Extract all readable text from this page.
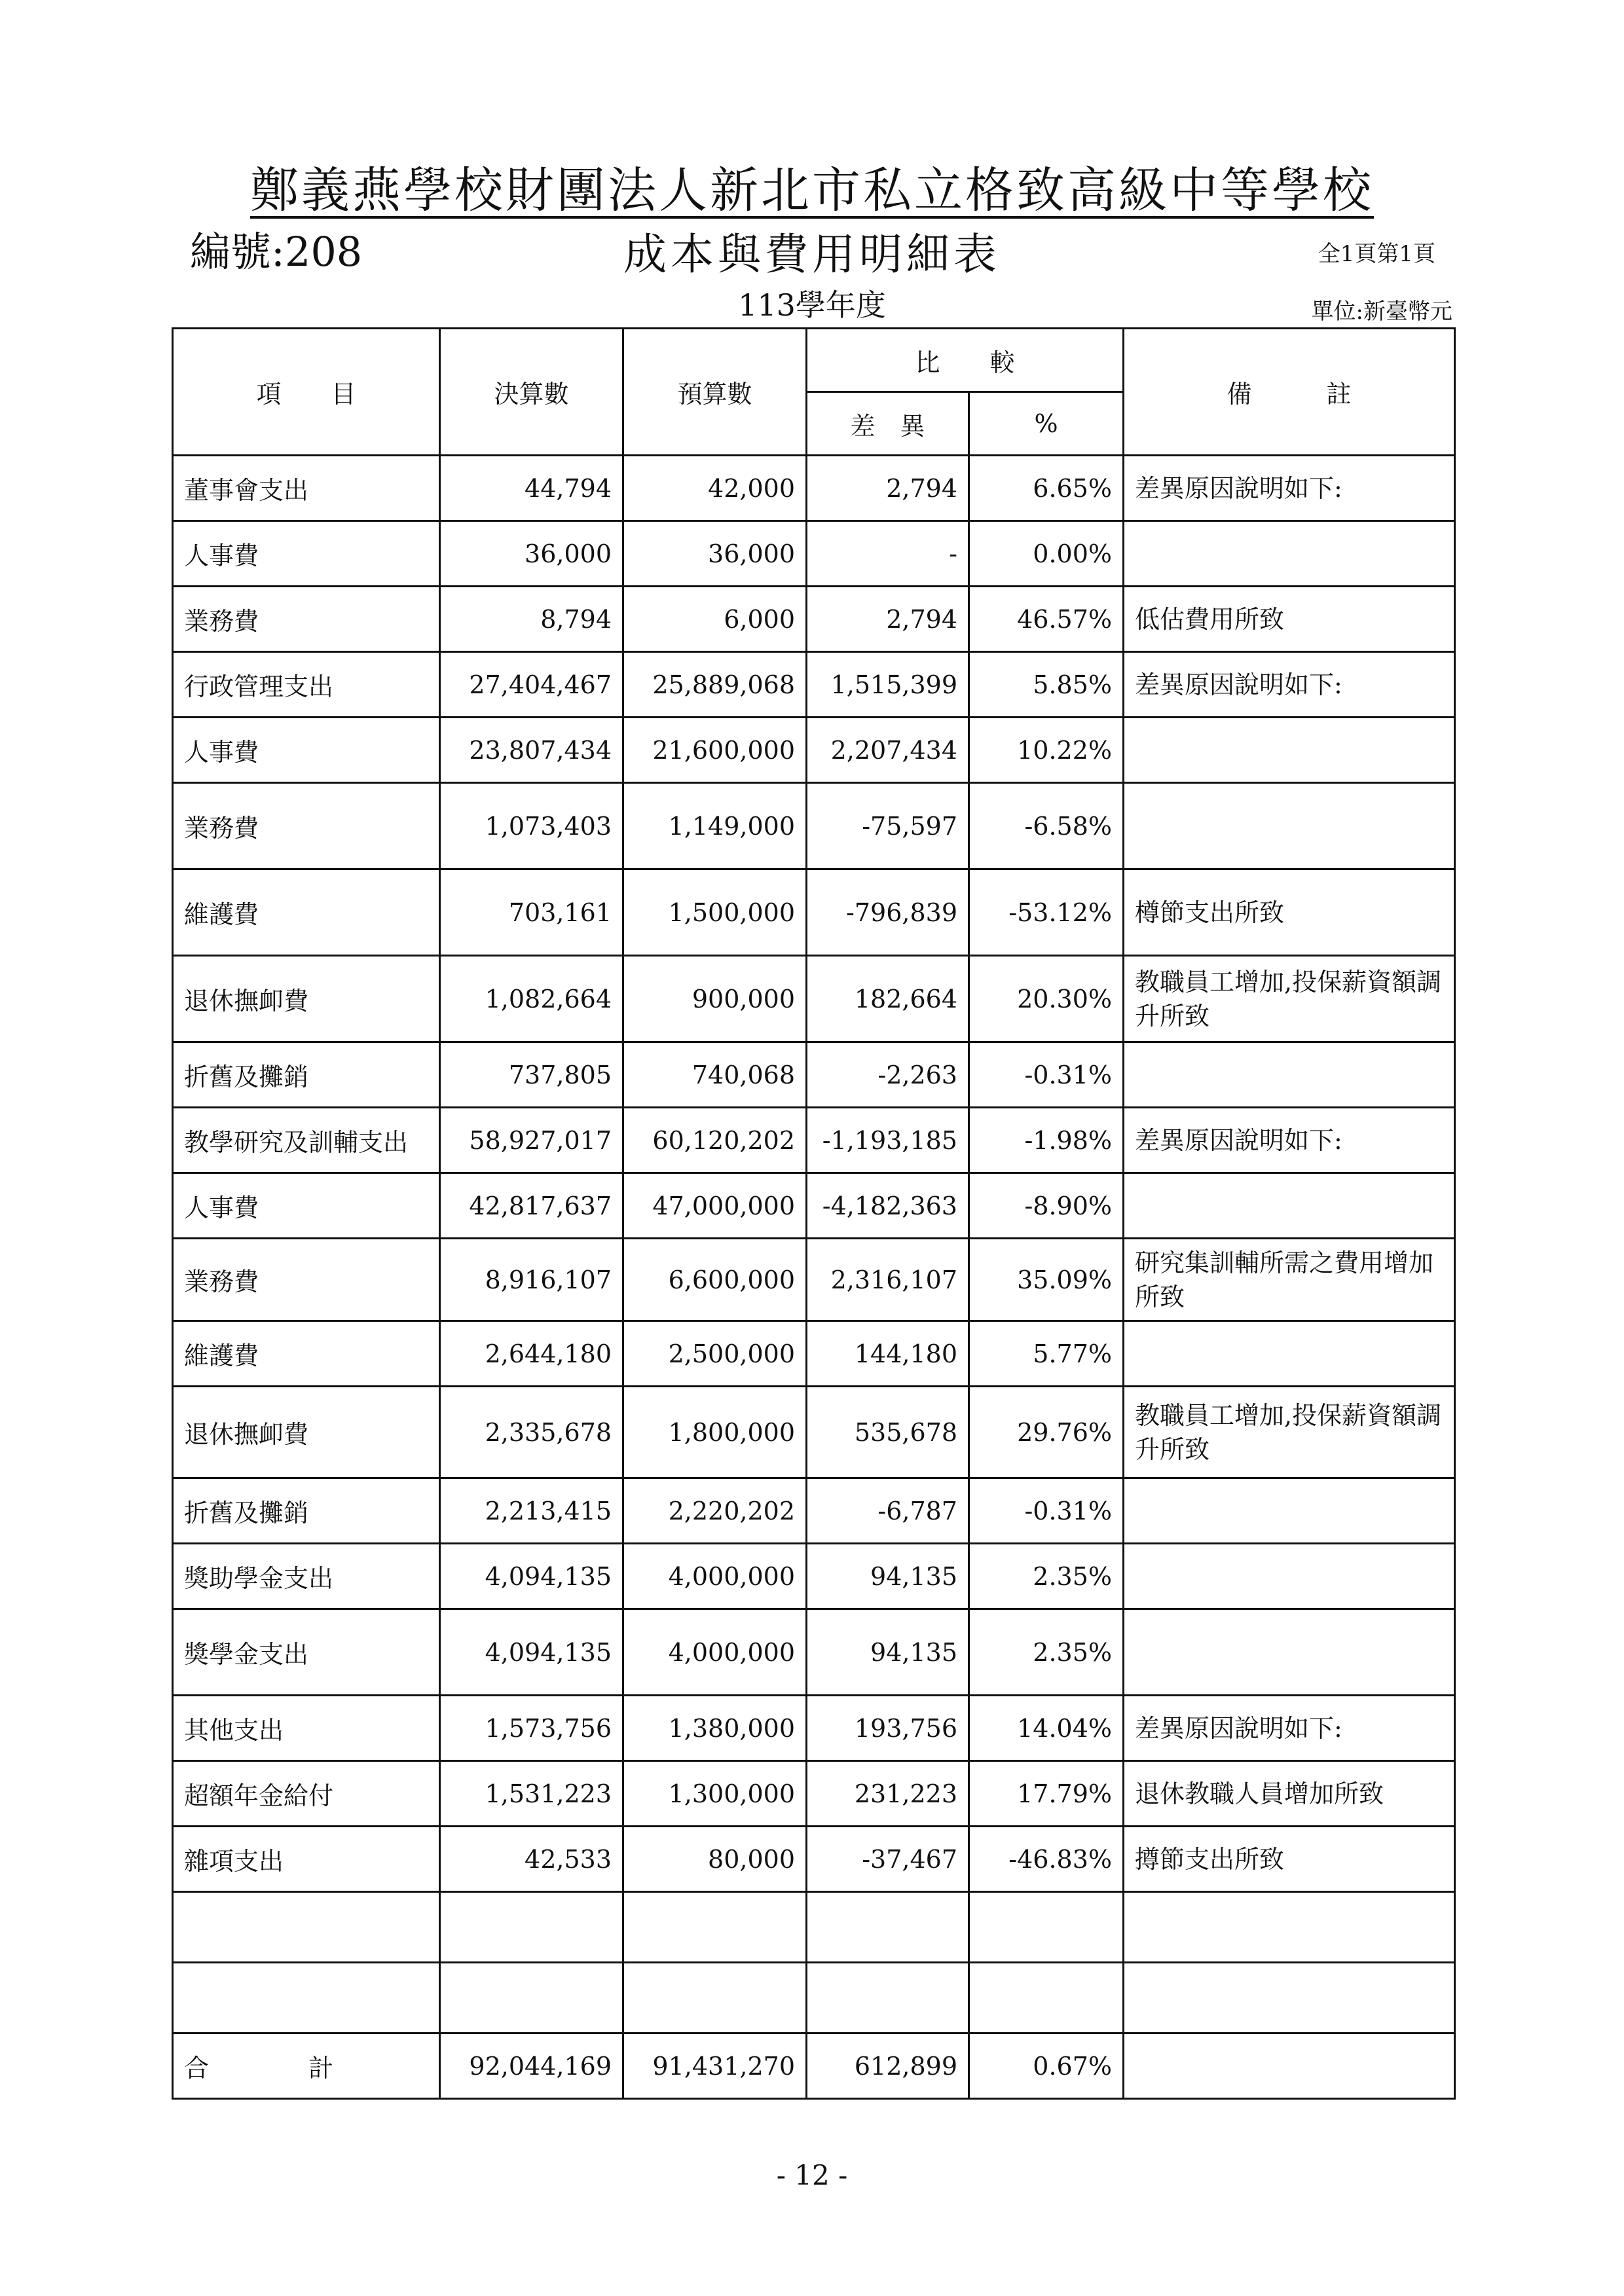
鄭義燕學校財團法人新北市私立格致高級中等學校
編號:208	成本與費用明細表	全1頁第1頁
113學年度	單位:新臺幣元
項　　目	決算數	預算數	比　　較		備　　　註
			差　異	%	
董事會支出	44,794	42,000	2,794	6.65%	差異原因說明如下:
人事費	36,000	36,000	-	0.00%	
業務費	8,794	6,000	2,794	46.57%	低估費用所致
行政管理支出	27,404,467	25,889,068	1,515,399	5.85%	差異原因說明如下:
人事費	23,807,434	21,600,000	2,207,434	10.22%	
業務費	1,073,403	1,149,000	-75,597	-6.58%	
維護費	703,161	1,500,000	-796,839	-53.12%	樽節支出所致
退休撫卹費	1,082,664	900,000	182,664	20.30%	教職員工增加,投保薪資額調升所致
折舊及攤銷	737,805	740,068	-2,263	-0.31%	
教學研究及訓輔支出	58,927,017	60,120,202	-1,193,185	-1.98%	差異原因說明如下:
人事費	42,817,637	47,000,000	-4,182,363	-8.90%	
業務費	8,916,107	6,600,000	2,316,107	35.09%	研究集訓輔所需之費用增加所致
維護費	2,644,180	2,500,000	144,180	5.77%	
退休撫卹費	2,335,678	1,800,000	535,678	29.76%	教職員工增加,投保薪資額調升所致
折舊及攤銷	2,213,415	2,220,202	-6,787	-0.31%	
獎助學金支出	4,094,135	4,000,000	94,135	2.35%	
獎學金支出	4,094,135	4,000,000	94,135	2.35%	
其他支出	1,573,756	1,380,000	193,756	14.04%	差異原因說明如下:
超額年金給付	1,531,223	1,300,000	231,223	17.79%	退休教職人員增加所致
雜項支出	42,533	80,000	-37,467	-46.83%	撙節支出所致

合　　　　計	92,044,169	91,431,270	612,899	0.67%	
- 12 -
